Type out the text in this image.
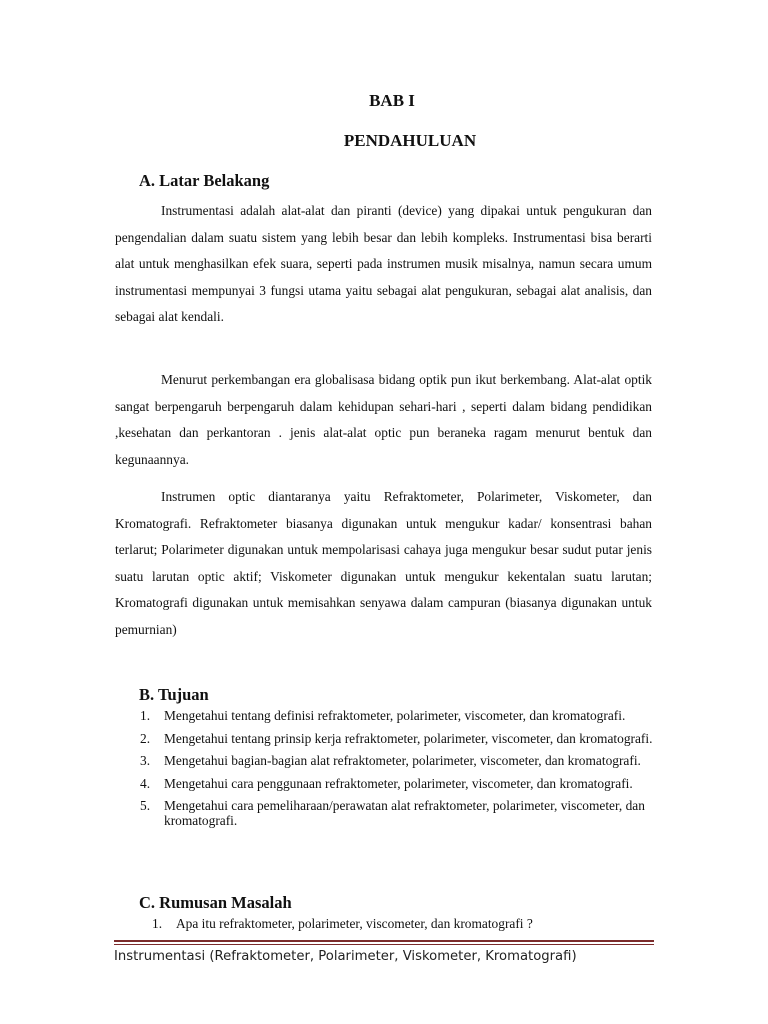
BAB I
PENDAHULUAN
A. Latar Belakang

Instrumentasi adalah alat-alat dan piranti (device) yang dipakai untuk pengukuran dan pengendalian dalam suatu sistem yang lebih besar dan lebih kompleks. Instrumentasi bisa berarti alat untuk menghasilkan efek suara, seperti pada instrumen musik misalnya, namun secara umum instrumentasi mempunyai 3 fungsi utama yaitu sebagai alat pengukuran, sebagai alat analisis, dan sebagai alat kendali.

Menurut perkembangan era globalisasa bidang optik pun ikut berkembang. Alat-alat optik sangat berpengaruh berpengaruh dalam kehidupan sehari-hari , seperti dalam bidang pendidikan ,kesehatan dan perkantoran . jenis alat-alat optic pun beraneka ragam menurut bentuk dan kegunaannya.

Instrumen optic diantaranya yaitu Refraktometer, Polarimeter, Viskometer, dan Kromatografi. Refraktometer biasanya digunakan untuk mengukur kadar/ konsentrasi bahan terlarut; Polarimeter digunakan untuk mempolarisasi cahaya juga mengukur besar sudut putar jenis suatu larutan optic aktif; Viskometer digunakan untuk mengukur kekentalan suatu larutan; Kromatografi digunakan untuk memisahkan senyawa dalam campuran (biasanya digunakan untuk pemurnian)

B. Tujuan
1. Mengetahui tentang definisi refraktometer, polarimeter, viscometer, dan kromatografi.
2. Mengetahui tentang prinsip kerja refraktometer, polarimeter, viscometer, dan kromatografi.
3. Mengetahui bagian-bagian alat refraktometer, polarimeter, viscometer, dan kromatografi.
4. Mengetahui cara penggunaan refraktometer, polarimeter, viscometer, dan kromatografi.
5. Mengetahui cara pemeliharaan/perawatan alat refraktometer, polarimeter, viscometer, dan kromatografi.
C. Rumusan Masalah
1. Apa itu refraktometer, polarimeter, viscometer, dan kromatografi ?
Instrumentasi (Refraktometer, Polarimeter, Viskometer, Kromatografi)
